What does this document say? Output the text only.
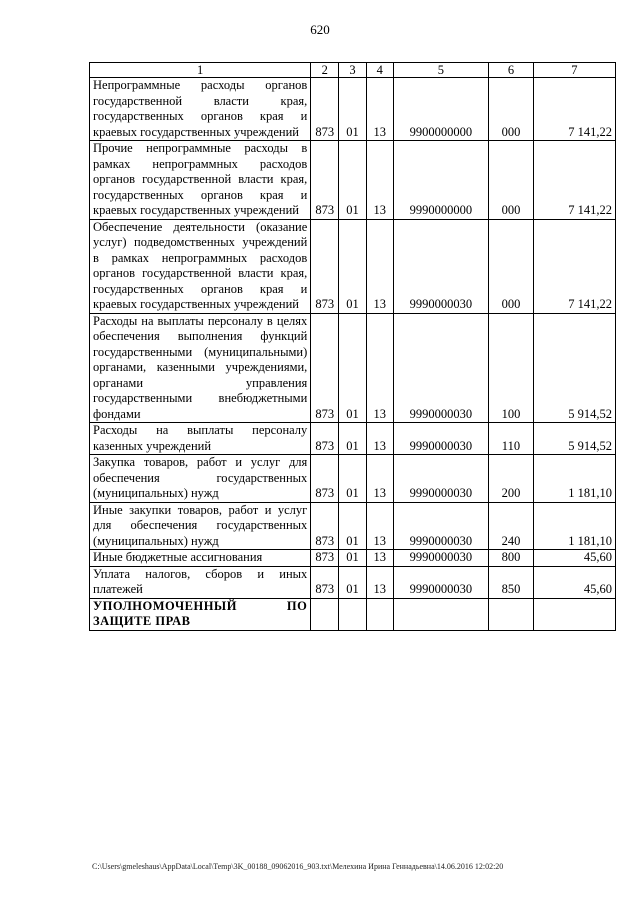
620
1	2	3	4	5	6	7
Непрограммные расходы органов государственной власти края, государственных органов края и краевых государственных учреждений	873	01	13	9900000000	000	7 141,22
Прочие непрограммные расходы в рамках непрограммных расходов органов государственной власти края, государственных органов края и краевых государственных учреждений	873	01	13	9990000000	000	7 141,22
Обеспечение деятельности (оказание услуг) подведомственных учреждений в рамках непрограммных расходов органов государственной власти края, государственных органов края и краевых государственных учреждений	873	01	13	9990000030	000	7 141,22
Расходы на выплаты персоналу в целях обеспечения выполнения функций государственными (муниципальными) органами, казенными учреждениями, органами управления государственными внебюджетными фондами	873	01	13	9990000030	100	5 914,52
Расходы на выплаты персоналу казенных учреждений	873	01	13	9990000030	110	5 914,52
Закупка товаров, работ и услуг для обеспечения государственных (муниципальных) нужд	873	01	13	9990000030	200	1 181,10
Иные закупки товаров, работ и услуг для обеспечения государственных (муниципальных) нужд	873	01	13	9990000030	240	1 181,10
Иные бюджетные ассигнования	873	01	13	9990000030	800	45,60
Уплата налогов, сборов и иных платежей	873	01	13	9990000030	850	45,60
УПОЛНОМОЧЕННЫЙ ПО ЗАЩИТЕ ПРАВ						
C:\Users\gmeleshaus\AppData\Local\Temp\3K_00188_09062016_903.txt\Мелехина Ирина Геннадьевна\14.06.2016 12:02:20
